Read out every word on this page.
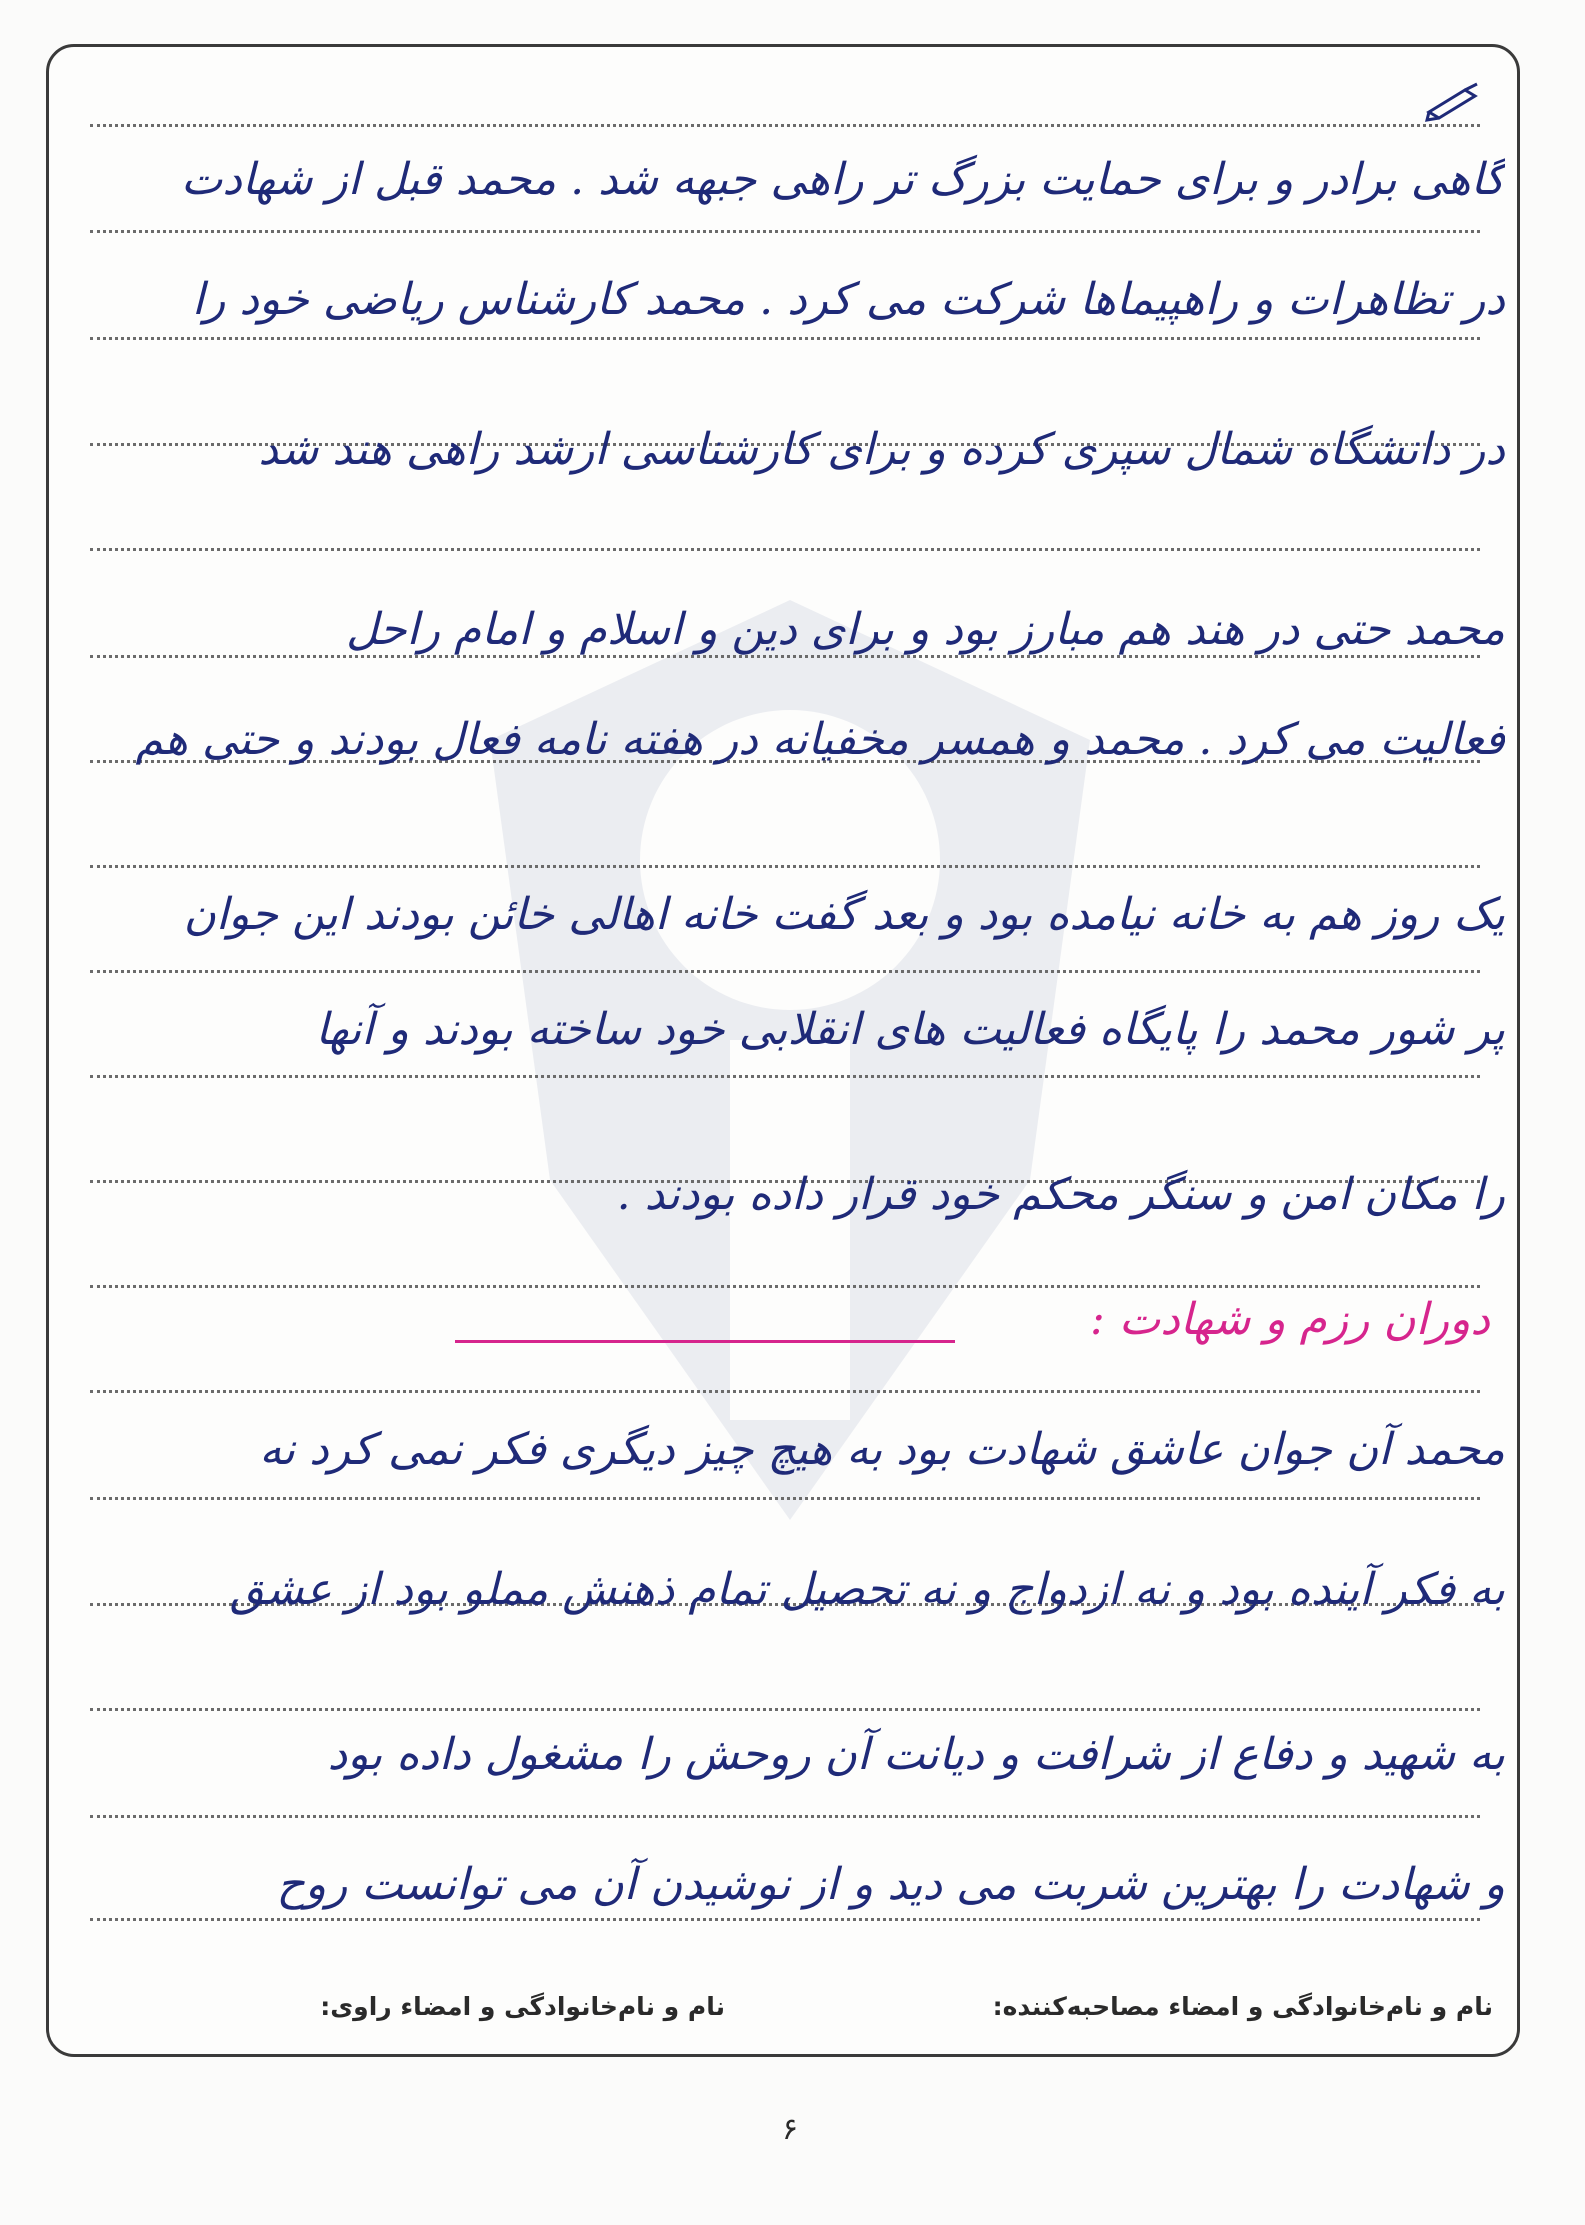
گاهی برادر و برای حمایت بزرگ تر راهی جبهه شد . محمد قبل از شهادت
در تظاهرات و راهپیماها شرکت می کرد . محمد کارشناس ریاضی خود را
در دانشگاه شمال سپری کرده و برای کارشناسی ارشد راهی هند شد
محمد حتی در هند هم مبارز بود و برای دین و اسلام و امام راحل
فعالیت می کرد . محمد و همسر مخفیانه در هفته نامه فعال بودند و حتی هم
یک روز هم به خانه نیامده بود و بعد گفت خانه اهالی خائن بودند این جوان
پر شور محمد را پایگاه فعالیت های انقلابی خود ساخته بودند و آنها
را مکان امن و سنگر محکم خود قرار داده بودند .
دوران رزم و شهادت :
محمد آن جوان عاشق شهادت بود به هیچ چیز دیگری فکر نمی کرد نه
به فکر آینده بود و نه ازدواج و نه تحصیل تمام ذهنش مملو بود از عشق
به شهید و دفاع از شرافت و دیانت آن روحش را مشغول داده بود
و شهادت را بهترین شربت می دید و از نوشیدن آن می توانست روح
نام و نام‌خانوادگی و امضاء مصاحبه‌کننده:
نام و نام‌خانوادگی و امضاء راوی:
۶
